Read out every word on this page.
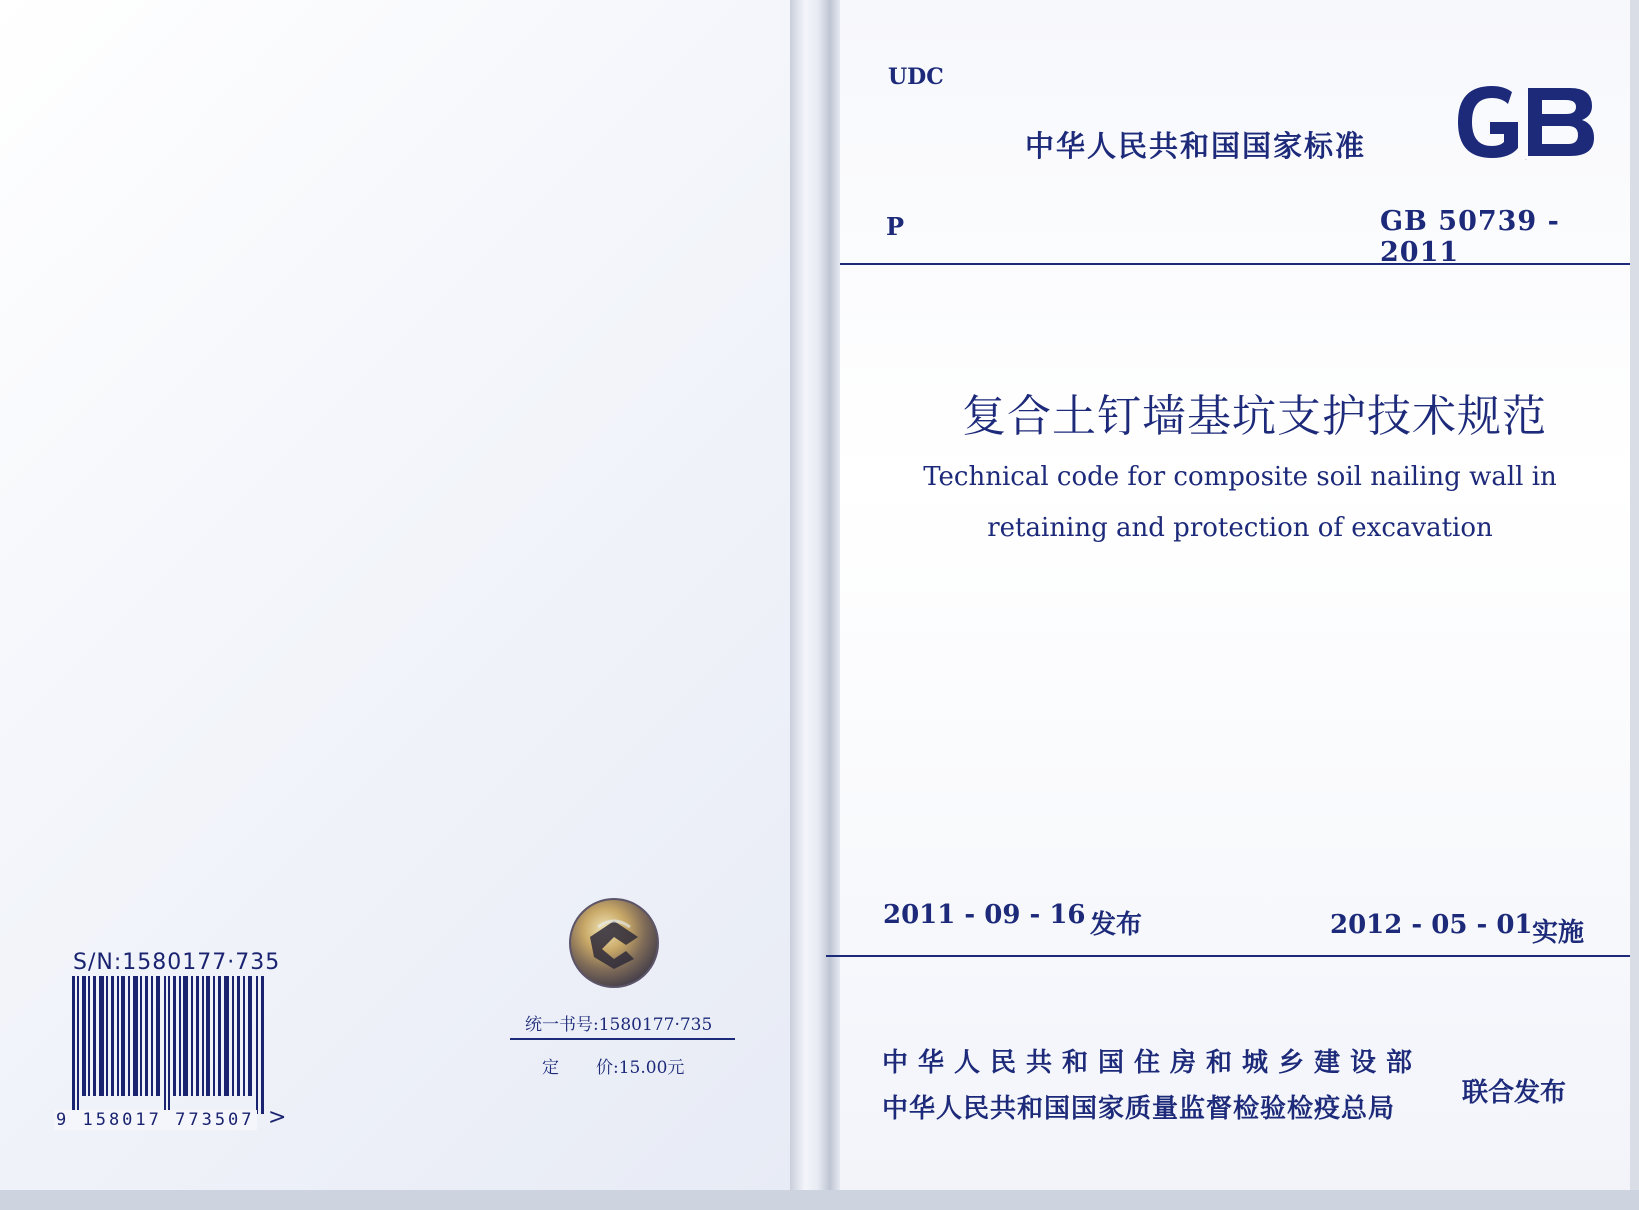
S/N:1580177·735
9 158017 773507 >
统一书号:1580177·735
定 价:15.00元
UDC
中华人民共和国国家标准	GB
P	GB 50739 - 2011
复合土钉墙基坑支护技术规范
Technical code for composite soil nailing wall in
retaining and protection of excavation
2011 - 09 - 16 发布	2012 - 05 - 01 实施
中华人民共和国住房和城乡建设部
中华人民共和国国家质量监督检验检疫总局
联合发布
